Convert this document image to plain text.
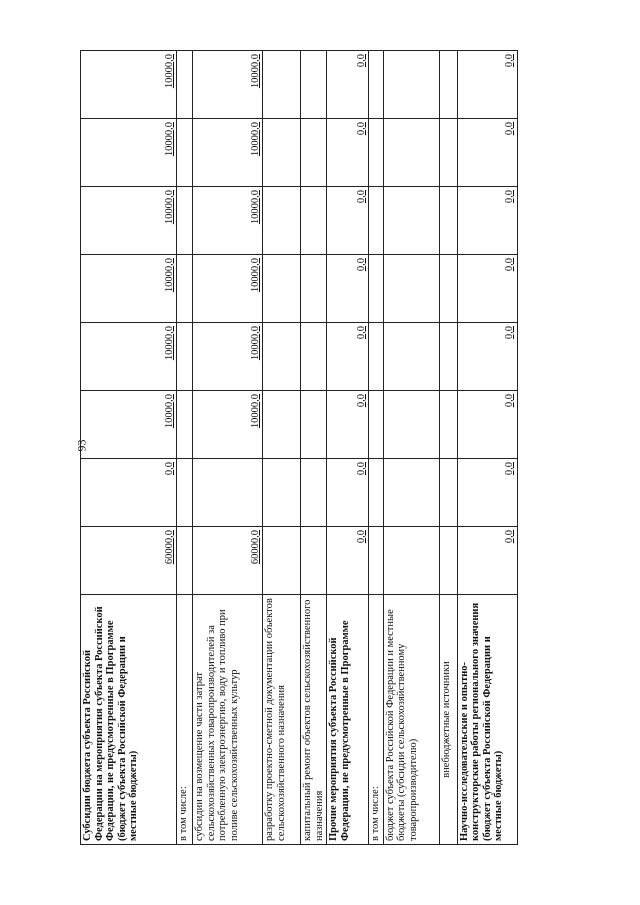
93
Субсидии бюджета субъекта Российской Федерации на мероприятия субъекта Российской Федерации, не предусмотренные в Программе (бюджет субъекта Российской Федерации и местные бюджеты)	60000,0	0,0	10000,0	10000,0	10000,0	10000,0	10000,0	10000,0
в том числе:								
субсидии на возмещение части затрат сельскохозяйственных товаропроизводителей за потребленную электроэнергию, воду и топливо при поливе сельскохозяйственных культур	60000,0		10000,0	10000,0	10000,0	10000,0	10000,0	10000,0
разработку проектно-сметной документации объектов сельскохозяйственного назначения								
капитальный ремонт объектов сельскохозяйственного назначения								
Прочие мероприятия субъекта Российской Федерации, не предусмотренные в Программе	0,0	0,0	0,0	0,0	0,0	0,0	0,0	0,0
в том числе:								
бюджет субъекта Российской Федерации и местные бюджеты (субсидии сельскохозяйственному товаропроизводителю)								
внебюджетные источники								
Научно-исследовательские и опытно-конструкторские работы регионального значения (бюджет субъекта Российской Федерации и местные бюджеты)	0,0	0,0	0,0	0,0	0,0	0,0	0,0	0,0
